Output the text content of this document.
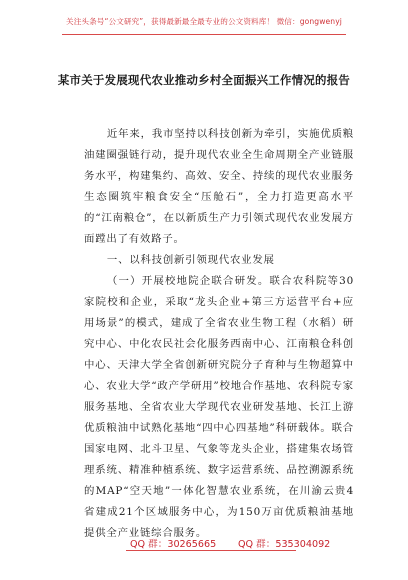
关注头条号“公文研究”，获得最新最全最专业的公文资料库！ 微信：gongwenyj
某市关于发展现代农业推动乡村全面振兴工作情况的报告

近年来，我市坚持以科技创新为牵引，实施优质粮油建圈强链行动，提升现代农业全生命周期全产业链服务水平，构建集约、高效、安全、持续的现代农业服务生态圈筑牢粮食安全“压舱石”，全力打造更高水平的“江南粮仓”，在以新质生产力引领式现代农业发展方面蹚出了有效路子。

一、以科技创新引领现代农业发展

（一）开展校地院企联合研发。联合农科院等30家院校和企业，采取“龙头企业+第三方运营平台+应用场景”的模式，建成了全省农业生物工程（水稻）研究中心、中化农民社会化服务西南中心、江南粮仓科创中心、天津大学全省创新研究院分子育种与生物超算中心、农业大学“政产学研用”校地合作基地、农科院专家服务基地、全省农业大学现代农业研发基地、长江上游优质粮油中试熟化基地“四中心四基地”科研载体。联合国家电网、北斗卫星、气象等龙头企业，搭建集农场管理系统、精准种植系统、数字运营系统、品控溯源系统的MAP“空天地”一体化智慧农业系统，在川渝云贵4省建成21个区域服务中心，为150万亩优质粮油基地提供全产业链综合服务。

QQ 群：30265665 QQ 群：535304092
